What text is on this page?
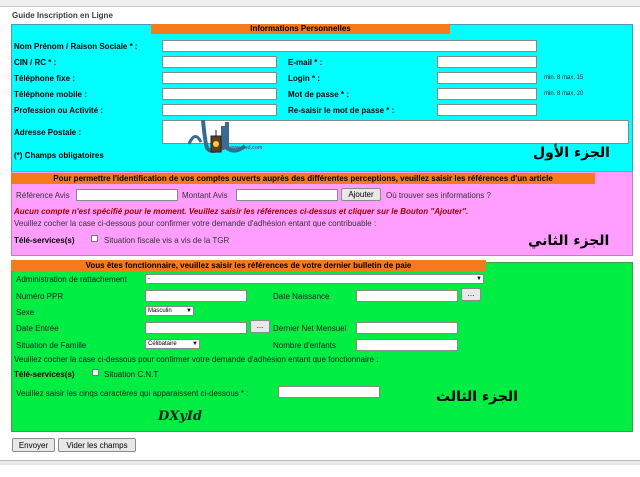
Guide Inscription en Ligne
Informations Personnelles
Nom Prénom / Raison Sociale * :
CIN / RC * :	E-mail * :
Téléphone fixe :	Login * :	min. 8 max. 15
Téléphone mobile :	Mot de passe * :	min. 8 max. 20
Profession ou Activité :	Re-saisir le mot de passe * :
Adresse Postale :
(*) Champs obligatoires
www.awd.com	الجزء الأول
Pour permettre l'identification de vos comptes ouverts auprès des différentes perceptions, veuillez saisir les références d'un article
Référence Avis	Montant Avis	Ajouter	Où trouver ses informations ?
Aucun compte n'est spécifié pour le moment. Veuillez saisir les références ci-dessus et cliquer sur le Bouton "Ajouter".
Veuillez cocher la case ci-dessous pour confirmer votre demande d'adhésion entant que contribuable :
Télé-services(s)	Situation fiscale vis a vis de la TGR	الجزء الثاني
Vous êtes fonctionnaire, veuillez saisir les références de votre dernier bulletin de paie
Administration de rattachement	-	▼
Numéro PPR	Date Naissance	...
Sexe	Masculin ▼
Date Entrée	...	Dernier Net Mensuel
Situation de Famille	Célibataire	▼	Nombre d'enfants
Veuillez cocher la case ci-dessous pour confirmer votre demande d'adhésion entant que fonctionnaire :
Télé-services(s)	Situation C.N.T
Veuillez saisir les cinqs caractères qui apparaissent ci-dessous * :
DXyId
الجزء الثالث
Envoyer	Vider les champs
